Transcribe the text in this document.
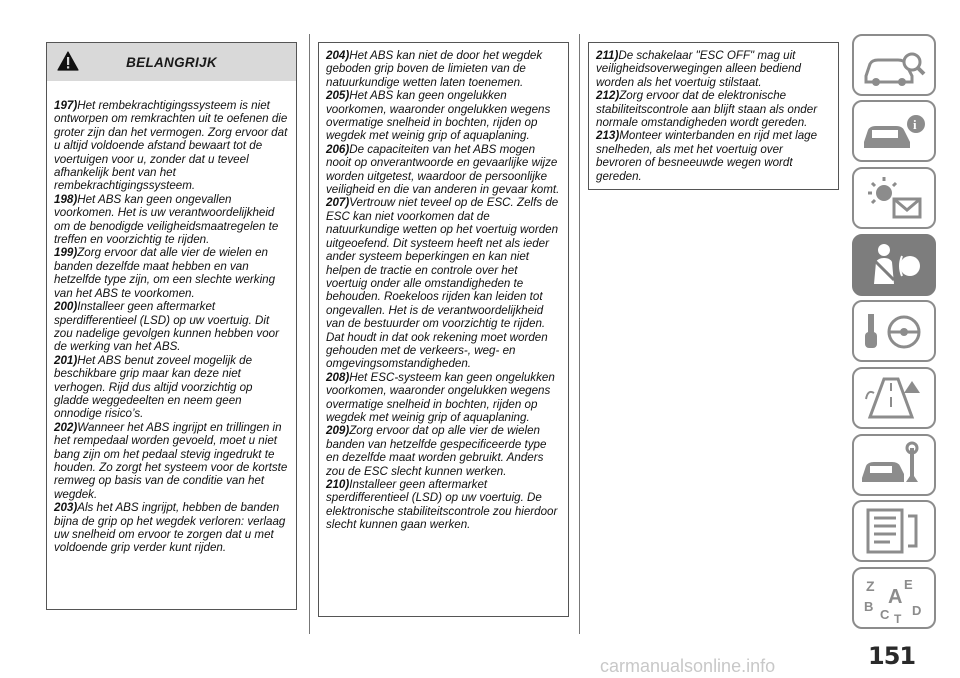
BELANGRIJK

197)Het rembekrachtigingssysteem is niet ontworpen om remkrachten uit te oefenen die groter zijn dan het vermogen. Zorg ervoor dat u altijd voldoende afstand bewaart tot de voertuigen voor u, zonder dat u teveel afhankelijk bent van het rembekrachtigingssysteem.

198)Het ABS kan geen ongevallen voorkomen. Het is uw verantwoordelijkheid om de benodigde veiligheidsmaatregelen te treffen en voorzichtig te rijden.

199)Zorg ervoor dat alle vier de wielen en banden dezelfde maat hebben en van hetzelfde type zijn, om een slechte werking van het ABS te voorkomen.

200)Installeer geen aftermarket sperdifferentieel (LSD) op uw voertuig. Dit zou nadelige gevolgen kunnen hebben voor de werking van het ABS.

201)Het ABS benut zoveel mogelijk de beschikbare grip maar kan deze niet verhogen. Rijd dus altijd voorzichtig op gladde weggedeelten en neem geen onnodige risico’s.

202)Wanneer het ABS ingrijpt en trillingen in het rempedaal worden gevoeld, moet u niet bang zijn om het pedaal stevig ingedrukt te houden. Zo zorgt het systeem voor de kortste remweg op basis van de conditie van het wegdek.

203)Als het ABS ingrijpt, hebben de banden bijna de grip op het wegdek verloren: verlaag uw snelheid om ervoor te zorgen dat u met voldoende grip verder kunt rijden.

204)Het ABS kan niet de door het wegdek geboden grip boven de limieten van de natuurkundige wetten laten toenemen.

205)Het ABS kan geen ongelukken voorkomen, waaronder ongelukken wegens overmatige snelheid in bochten, rijden op wegdek met weinig grip of aquaplaning.

206)De capaciteiten van het ABS mogen nooit op onverantwoorde en gevaarlijke wijze worden uitgetest, waardoor de persoonlijke veiligheid en die van anderen in gevaar komt.

207)Vertrouw niet teveel op de ESC. Zelfs de ESC kan niet voorkomen dat de natuurkundige wetten op het voertuig worden uitgeoefend. Dit systeem heeft net als ieder ander systeem beperkingen en kan niet helpen de tractie en controle over het voertuig onder alle omstandigheden te behouden. Roekeloos rijden kan leiden tot ongevallen. Het is de verantwoordelijkheid van de bestuurder om voorzichtig te rijden. Dat houdt in dat ook rekening moet worden gehouden met de verkeers-, weg- en omgevingsomstandigheden.

208)Het ESC-systeem kan geen ongelukken voorkomen, waaronder ongelukken wegens overmatige snelheid in bochten, rijden op wegdek met weinig grip of aquaplaning.

209)Zorg ervoor dat op alle vier de wielen banden van hetzelfde gespecificeerde type en dezelfde maat worden gebruikt. Anders zou de ESC slecht kunnen werken.

210)Installeer geen aftermarket sperdifferentieel (LSD) op uw voertuig. De elektronische stabiliteitscontrole zou hierdoor slecht kunnen gaan werken.

211)De schakelaar "ESC OFF" mag uit veiligheidsoverwegingen alleen bediend worden als het voertuig stilstaat.

212)Zorg ervoor dat de elektronische stabiliteitscontrole aan blijft staan als onder normale omstandigheden wordt gereden.

213)Monteer winterbanden en rijd met lage snelheden, als met het voertuig over bevroren of besneeuwde wegen wordt gereden.

i
Z E
A
B
C D
T
151
carmanualsonline.info
